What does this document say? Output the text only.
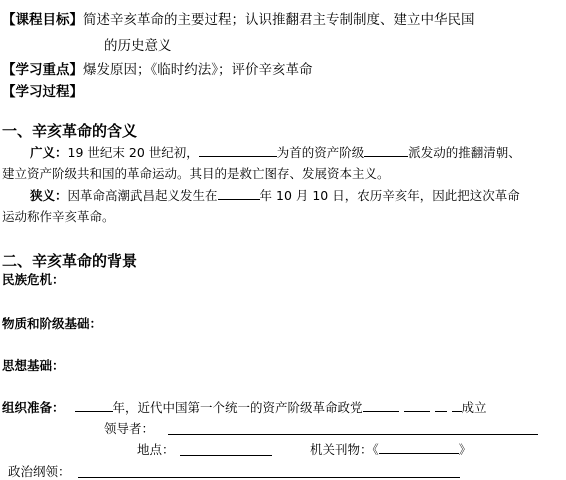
【课程目标】简述辛亥革命的主要过程；认识推翻君主专制制度、建立中华民国
的历史意义
【学习重点】爆发原因；《临时约法》；评价辛亥革命
【学习过程】
一、辛亥革命的含义
广义：19 世纪末 20 世纪初，	为首的资产阶级	派发动的推翻清朝、
建立资产阶级共和国的革命运动。其目的是救亡图存、发展资本主义。
狭义：因革命高潮武昌起义发生在	年 10 月 10 日，农历辛亥年，因此把这次革命
运动称作辛亥革命。
二、辛亥革命的背景
民族危机：
物质和阶级基础：
思想基础：
组织准备：	年，近代中国第一个统一的资产阶级革命政党	成立
领导者：
地点：	机关刊物：《	》
政治纲领：
